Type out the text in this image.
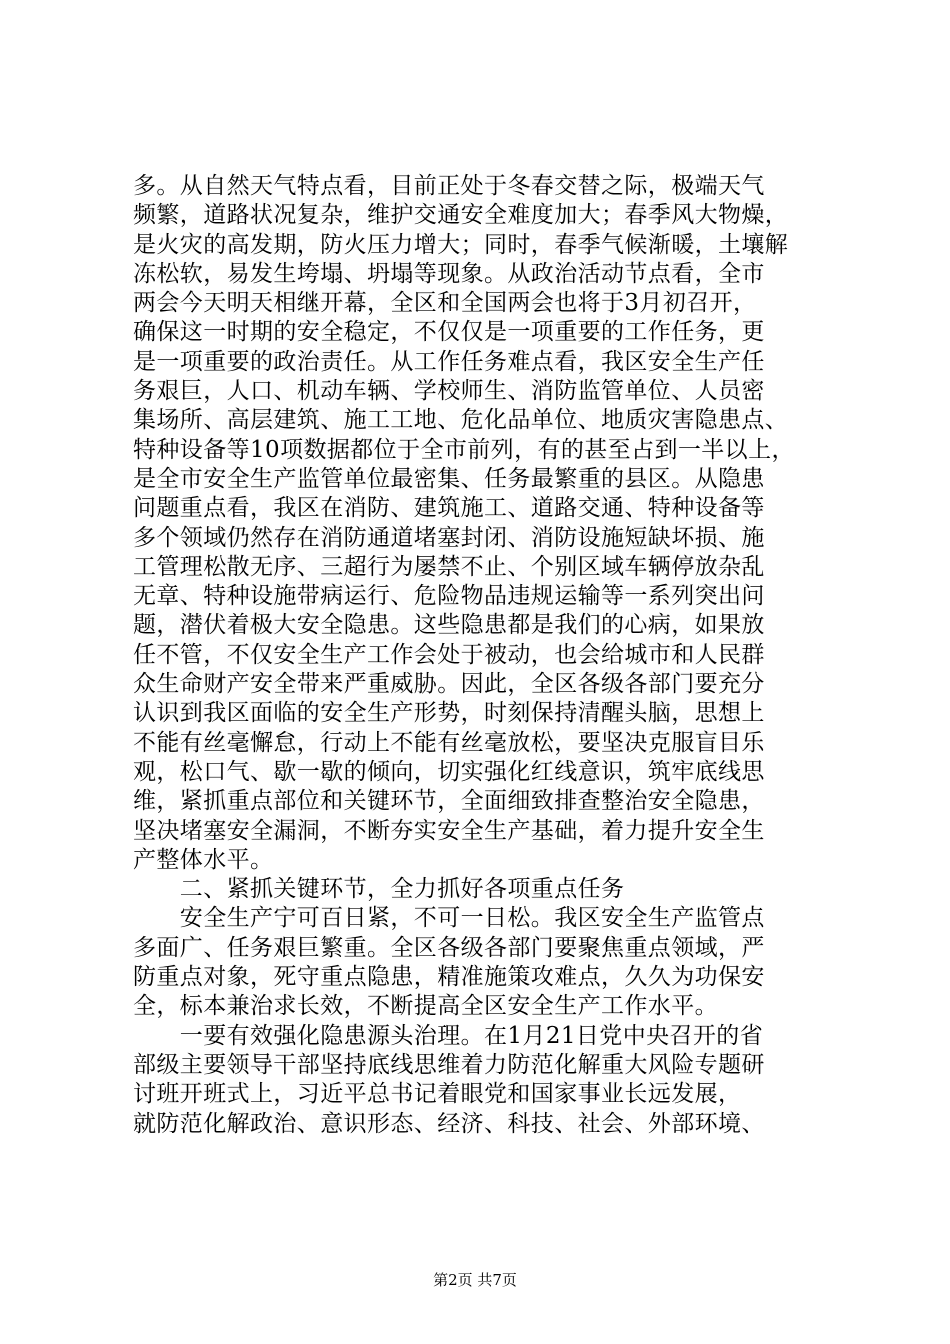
多。从自然天气特点看，目前正处于冬春交替之际，极端天气
频繁，道路状况复杂，维护交通安全难度加大；春季风大物燥，
是火灾的高发期，防火压力增大；同时，春季气候渐暖，土壤解
冻松软，易发生垮塌、坍塌等现象。从政治活动节点看，全市
两会今天明天相继开幕，全区和全国两会也将于3月初召开，
确保这一时期的安全稳定，不仅仅是一项重要的工作任务，更
是一项重要的政治责任。从工作任务难点看，我区安全生产任
务艰巨，人口、机动车辆、学校师生、消防监管单位、人员密
集场所、高层建筑、施工工地、危化品单位、地质灾害隐患点、
特种设备等10项数据都位于全市前列，有的甚至占到一半以上，
是全市安全生产监管单位最密集、任务最繁重的县区。从隐患
问题重点看，我区在消防、建筑施工、道路交通、特种设备等
多个领域仍然存在消防通道堵塞封闭、消防设施短缺坏损、施
工管理松散无序、三超行为屡禁不止、个别区域车辆停放杂乱
无章、特种设施带病运行、危险物品违规运输等一系列突出问
题，潜伏着极大安全隐患。这些隐患都是我们的心病，如果放
任不管，不仅安全生产工作会处于被动，也会给城市和人民群
众生命财产安全带来严重威胁。因此，全区各级各部门要充分
认识到我区面临的安全生产形势，时刻保持清醒头脑，思想上
不能有丝毫懈怠，行动上不能有丝毫放松，要坚决克服盲目乐
观，松口气、歇一歇的倾向，切实强化红线意识，筑牢底线思
维，紧抓重点部位和关键环节，全面细致排查整治安全隐患，
坚决堵塞安全漏洞，不断夯实安全生产基础，着力提升安全生
产整体水平。
　　二、紧抓关键环节，全力抓好各项重点任务
　　安全生产宁可百日紧，不可一日松。我区安全生产监管点
多面广、任务艰巨繁重。全区各级各部门要聚焦重点领域，严
防重点对象，死守重点隐患，精准施策攻难点，久久为功保安
全，标本兼治求长效，不断提高全区安全生产工作水平。
　　一要有效强化隐患源头治理。在1月21日党中央召开的省
部级主要领导干部坚持底线思维着力防范化解重大风险专题研
讨班开班式上，习近平总书记着眼党和国家事业长远发展，
就防范化解政治、意识形态、经济、科技、社会、外部环境、
第2页 共7页
